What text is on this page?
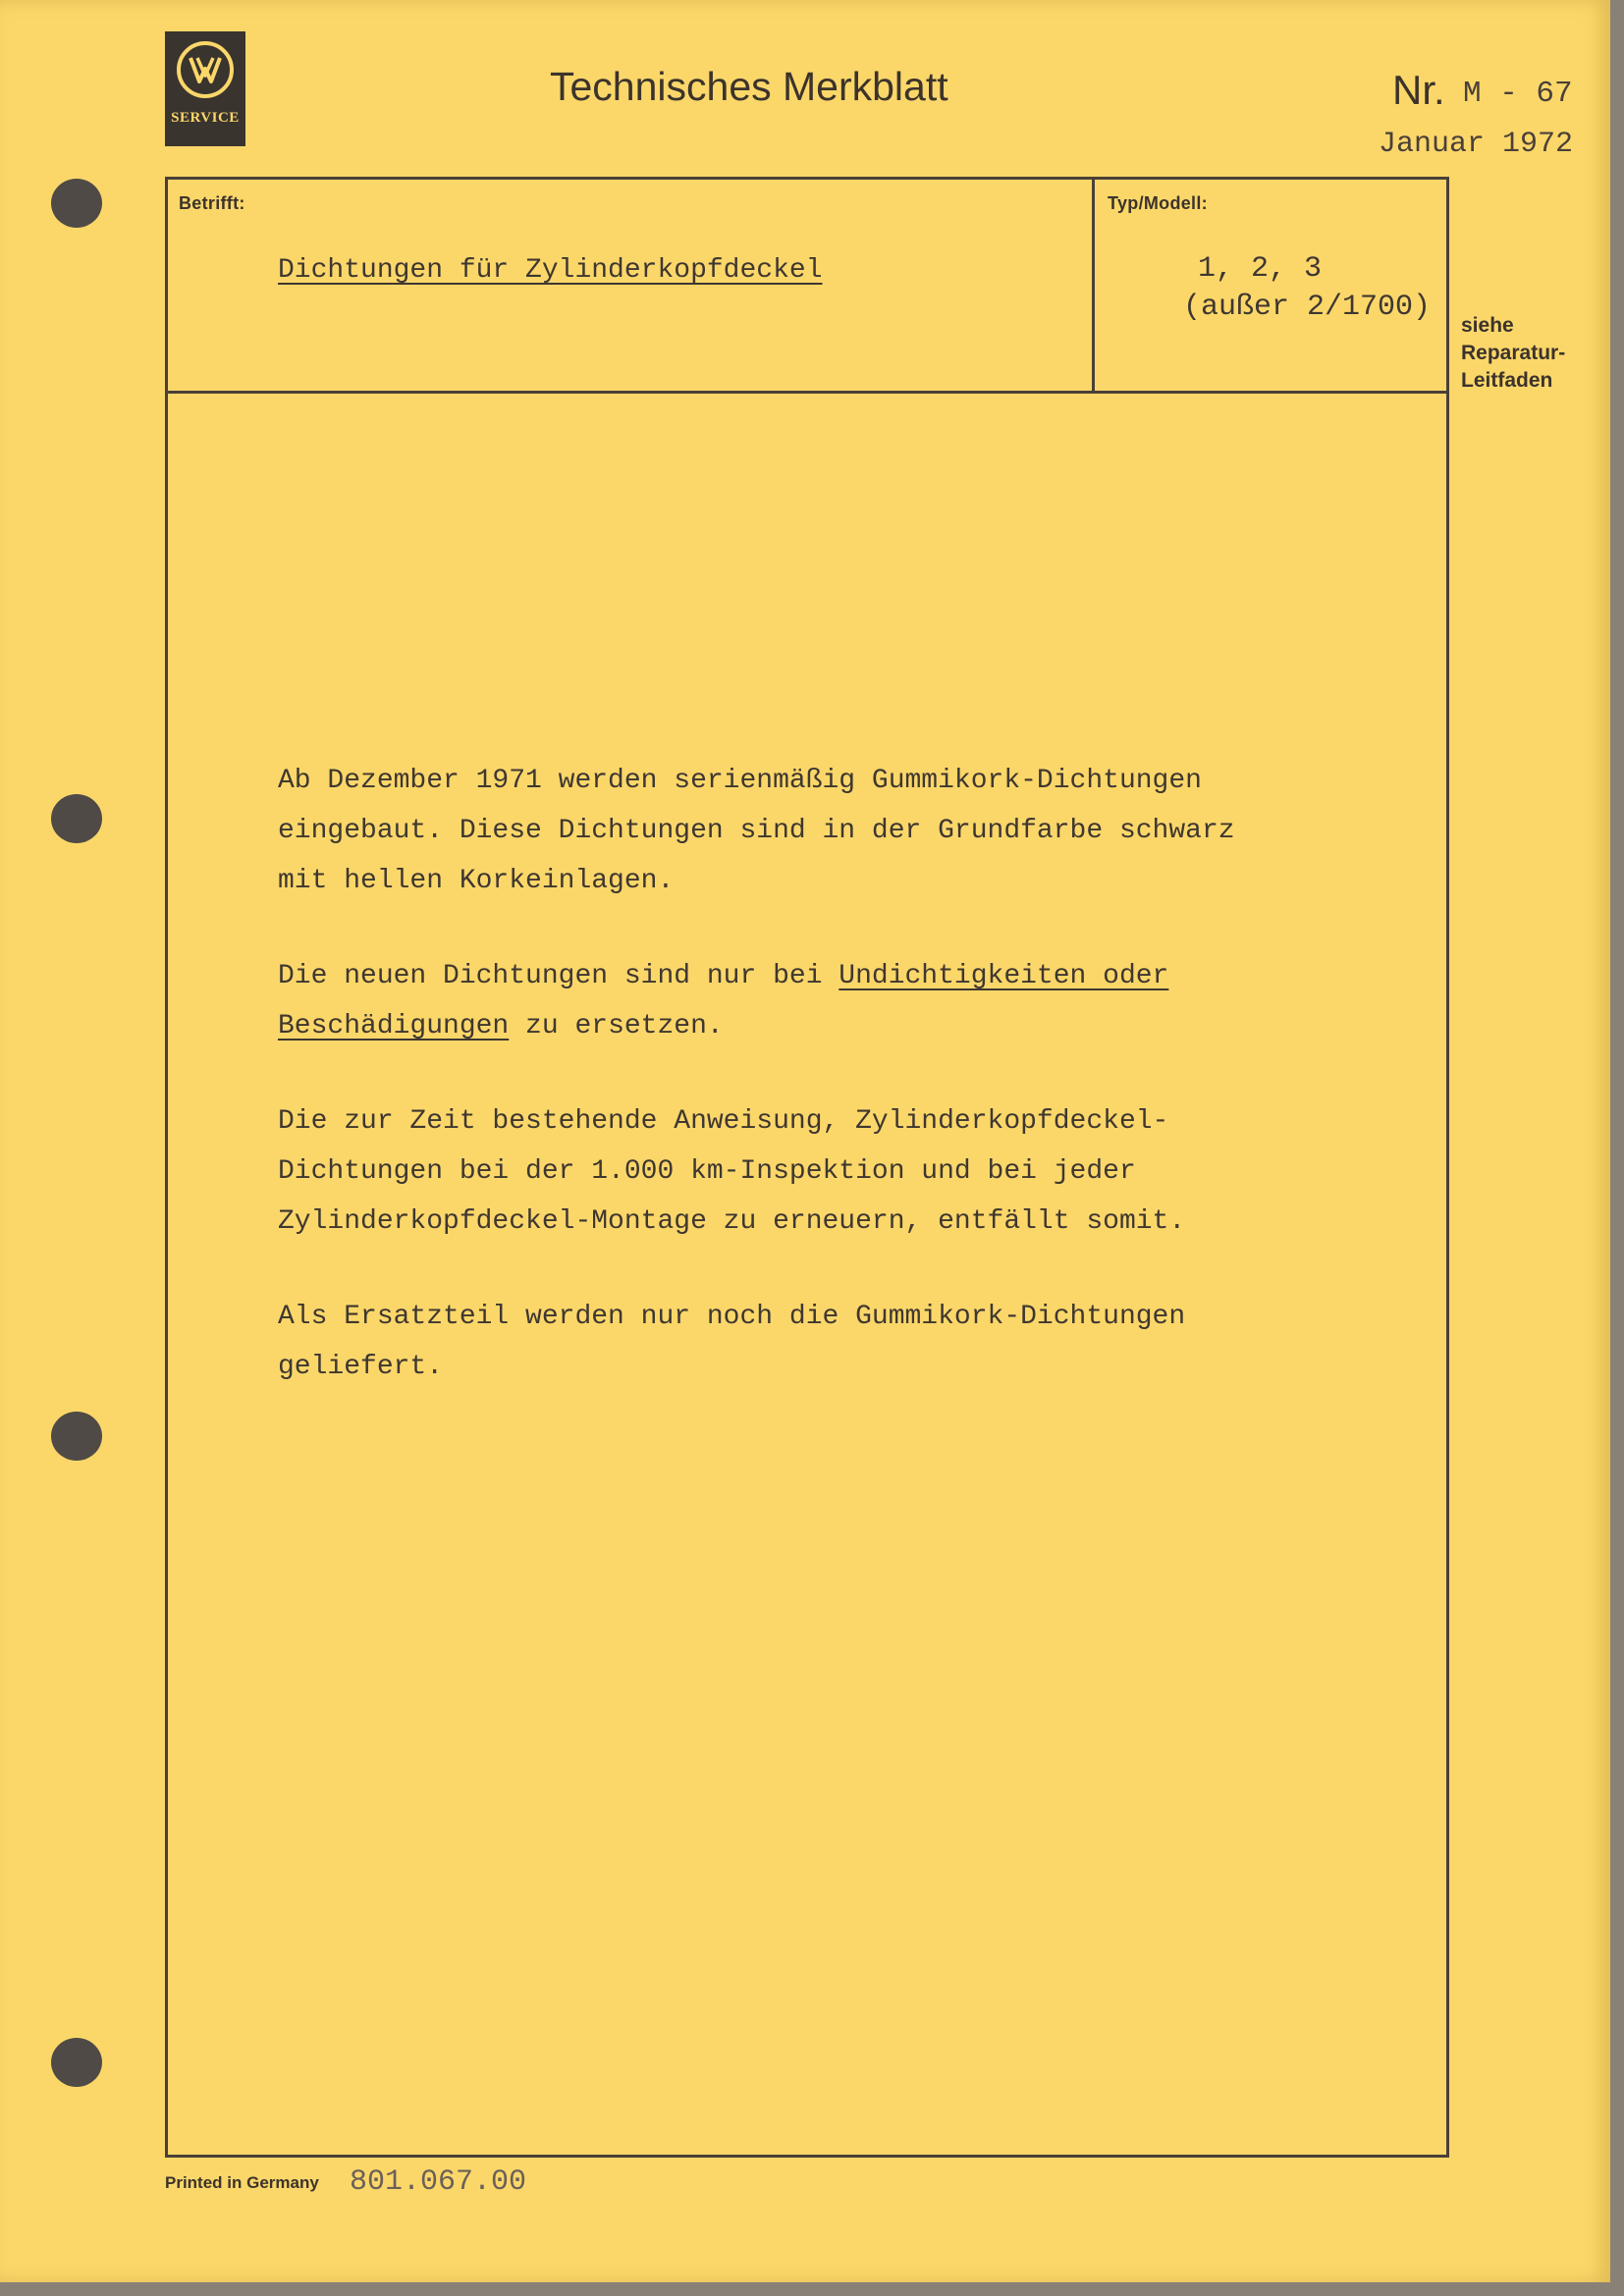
SERVICE
Technisches Merkblatt	Nr. M - 67
Januar 1972
Betrifft:	Typ/Modell:
Dichtungen für Zylinderkopfdeckel	1, 2, 3
(außer 2/1700)
siehe
Reparatur-
Leitfaden
Ab Dezember 1971 werden serienmäßig Gummikork-Dichtungen
eingebaut. Diese Dichtungen sind in der Grundfarbe schwarz
mit hellen Korkeinlagen.
Die neuen Dichtungen sind nur bei Undichtigkeiten oder
Beschädigungen zu ersetzen.
Die zur Zeit bestehende Anweisung, Zylinderkopfdeckel-
Dichtungen bei der 1.000 km-Inspektion und bei jeder
Zylinderkopfdeckel-Montage zu erneuern, entfällt somit.
Als Ersatzteil werden nur noch die Gummikork-Dichtungen
geliefert.
Printed in Germany 801.067.00
